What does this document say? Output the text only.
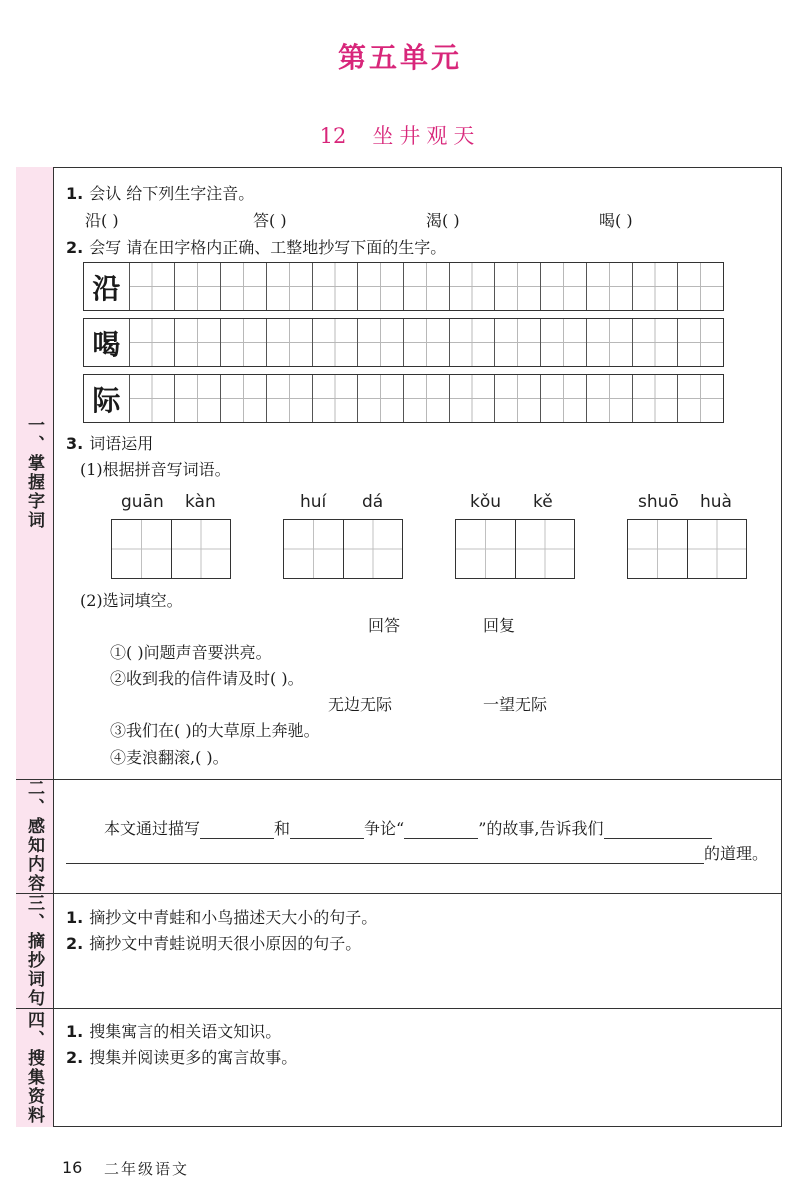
第五单元
12 坐井观天
一、掌握字词
二、感知内容
三、摘抄词句
四、搜集资料
1. 会认 给下列生字注音。
沿( )	答( )	渴( )	喝( )
2. 会写 请在田字格内正确、工整地抄写下面的生字。
沿
喝
际
3. 词语运用
(1)根据拼音写词语。
guān kàn	huí dá	kǒu kě	shuō huà
(2)选词填空。
回答	回复
①( )问题声音要洪亮。
②收到我的信件请及时( )。
无边无际	一望无际
③我们在( )的大草原上奔驰。
④麦浪翻滚,( )。
本文通过描写	和	争论“	”的故事,告诉我们
的道理。
1. 摘抄文中青蛙和小鸟描述天大小的句子。
2. 摘抄文中青蛙说明天很小原因的句子。
1. 搜集寓言的相关语文知识。
2. 搜集并阅读更多的寓言故事。
16 二年级语文
